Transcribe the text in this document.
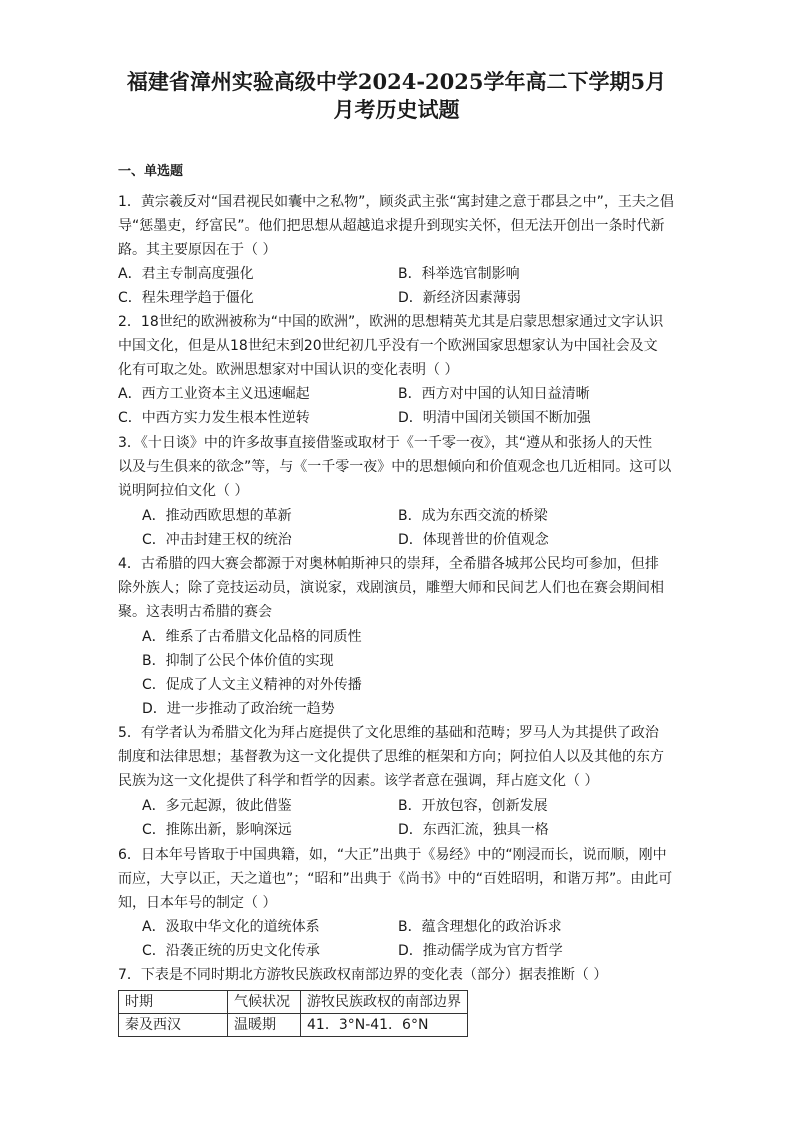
福建省漳州实验高级中学2024-2025学年高二下学期5月
月考历史试题
一、单选题
1．黄宗羲反对“国君视民如囊中之私物”，顾炎武主张“寓封建之意于郡县之中”，王夫之倡
导“惩墨吏，纾富民”。他们把思想从超越追求提升到现实关怀，但无法开创出一条时代新
路。其主要原因在于（ ）
A．君主专制高度强化	B．科举选官制影响
C．程朱理学趋于僵化	D．新经济因素薄弱
2．18世纪的欧洲被称为“中国的欧洲”，欧洲的思想精英尤其是启蒙思想家通过文字认识
中国文化，但是从18世纪末到20世纪初几乎没有一个欧洲国家思想家认为中国社会及文
化有可取之处。欧洲思想家对中国认识的变化表明（ ）
A．西方工业资本主义迅速崛起	B．西方对中国的认知日益清晰
C．中西方实力发生根本性逆转	D．明清中国闭关锁国不断加强
3．《十日谈》中的许多故事直接借鉴或取材于《一千零一夜》，其“遵从和张扬人的天性
以及与生俱来的欲念”等，与《一千零一夜》中的思想倾向和价值观念也几近相同。这可以
说明阿拉伯文化（ ）
A．推动西欧思想的革新	B．成为东西交流的桥梁
C．冲击封建王权的统治	D．体现普世的价值观念
4．古希腊的四大赛会都源于对奥林帕斯神只的崇拜，全希腊各城邦公民均可参加，但排
除外族人；除了竞技运动员，演说家，戏剧演员，雕塑大师和民间艺人们也在赛会期间相
聚。这表明古希腊的赛会
A．维系了古希腊文化品格的同质性
B．抑制了公民个体价值的实现
C．促成了人文主义精神的对外传播
D．进一步推动了政治统一趋势
5．有学者认为希腊文化为拜占庭提供了文化思维的基础和范畴；罗马人为其提供了政治
制度和法律思想；基督教为这一文化提供了思维的框架和方向；阿拉伯人以及其他的东方
民族为这一文化提供了科学和哲学的因素。该学者意在强调，拜占庭文化（ ）
A．多元起源，彼此借鉴	B．开放包容，创新发展
C．推陈出新，影响深远	D．东西汇流，独具一格
6．日本年号皆取于中国典籍，如，“大正”出典于《易经》中的“刚浸而长，说而顺，刚中
而应，大亨以正，天之道也”；“昭和”出典于《尚书》中的“百姓昭明，和谐万邦”。由此可
知，日本年号的制定（ ）
A．汲取中华文化的道统体系	B．蕴含理想化的政治诉求
C．沿袭正统的历史文化传承	D．推动儒学成为官方哲学
7．下表是不同时期北方游牧民族政权南部边界的变化表（部分）据表推断（ ）
时期	气候状况	游牧民族政权的南部边界
秦及西汉	温暖期	41．3°N-41．6°N
